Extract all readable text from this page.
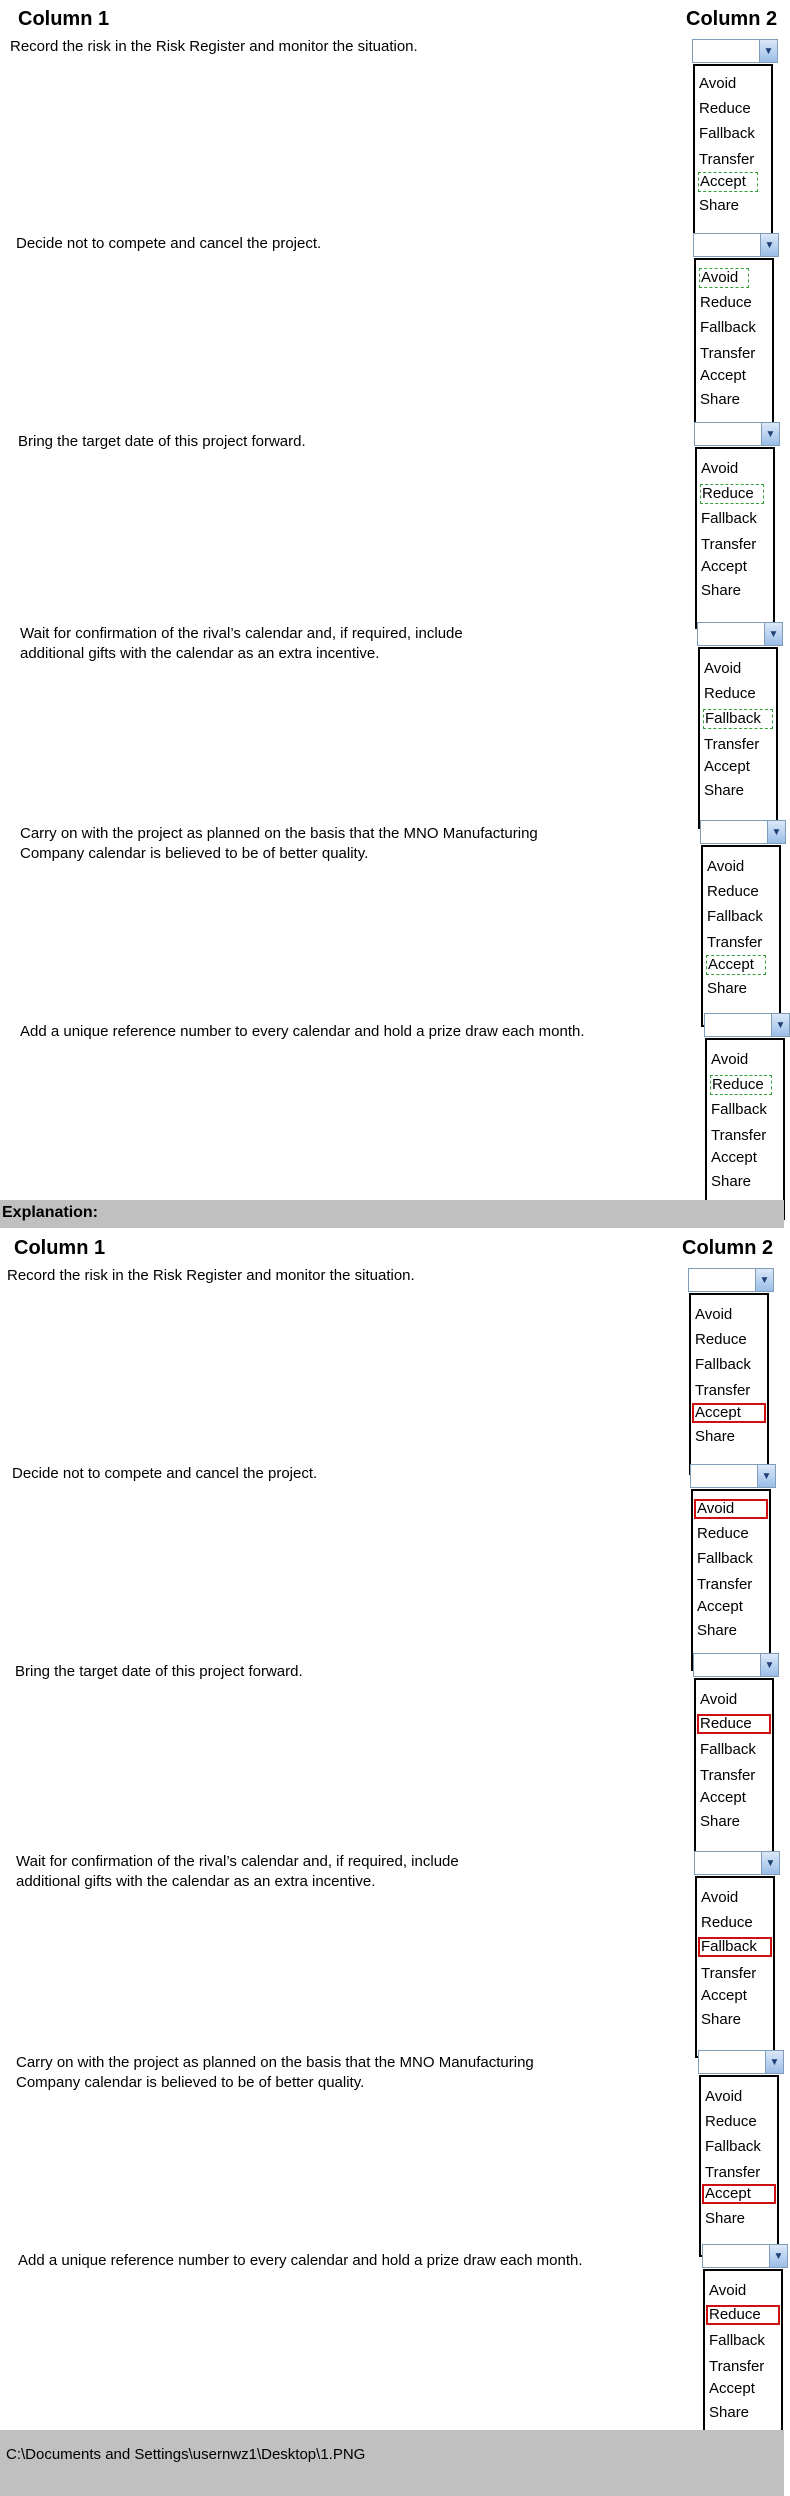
Column 1	Column 2
Record the risk in the Risk Register and monitor the situation.	▼
Avoid
Reduce
Fallback
Transfer
Accept
Share
Decide not to compete and cancel the project.	▼
Avoid
Reduce
Fallback
Transfer
Accept
Share
Bring the target date of this project forward.	▼
Avoid
Reduce
Fallback
Transfer
Accept
Share
Wait for confirmation of the rival’s calendar and, if required, include
additional gifts with the calendar as an extra incentive.
▼
Avoid
Reduce
Fallback
Transfer
Accept
Share
Carry on with the project as planned on the basis that the MNO Manufacturing
Company calendar is believed to be of better quality.
▼
Avoid
Reduce
Fallback
Transfer
Accept
Share
Add a unique reference number to every calendar and hold a prize draw each month.	▼
Avoid
Reduce
Fallback
Transfer
Accept
Share
Explanation:
Column 1	Column 2
Record the risk in the Risk Register and monitor the situation.	▼
Avoid
Reduce
Fallback
Transfer
Accept
Share
Decide not to compete and cancel the project.	▼
Avoid
Reduce
Fallback
Transfer
Accept
Share
Bring the target date of this project forward.	▼
Avoid
Reduce
Fallback
Transfer
Accept
Share
Wait for confirmation of the rival’s calendar and, if required, include
additional gifts with the calendar as an extra incentive.
▼
Avoid
Reduce
Fallback
Transfer
Accept
Share
Carry on with the project as planned on the basis that the MNO Manufacturing
Company calendar is believed to be of better quality.
▼
Avoid
Reduce
Fallback
Transfer
Accept
Share
Add a unique reference number to every calendar and hold a prize draw each month.	▼
Avoid
Reduce
Fallback
Transfer
Accept
Share
C:\Documents and Settings\usernwz1\Desktop\1.PNG
